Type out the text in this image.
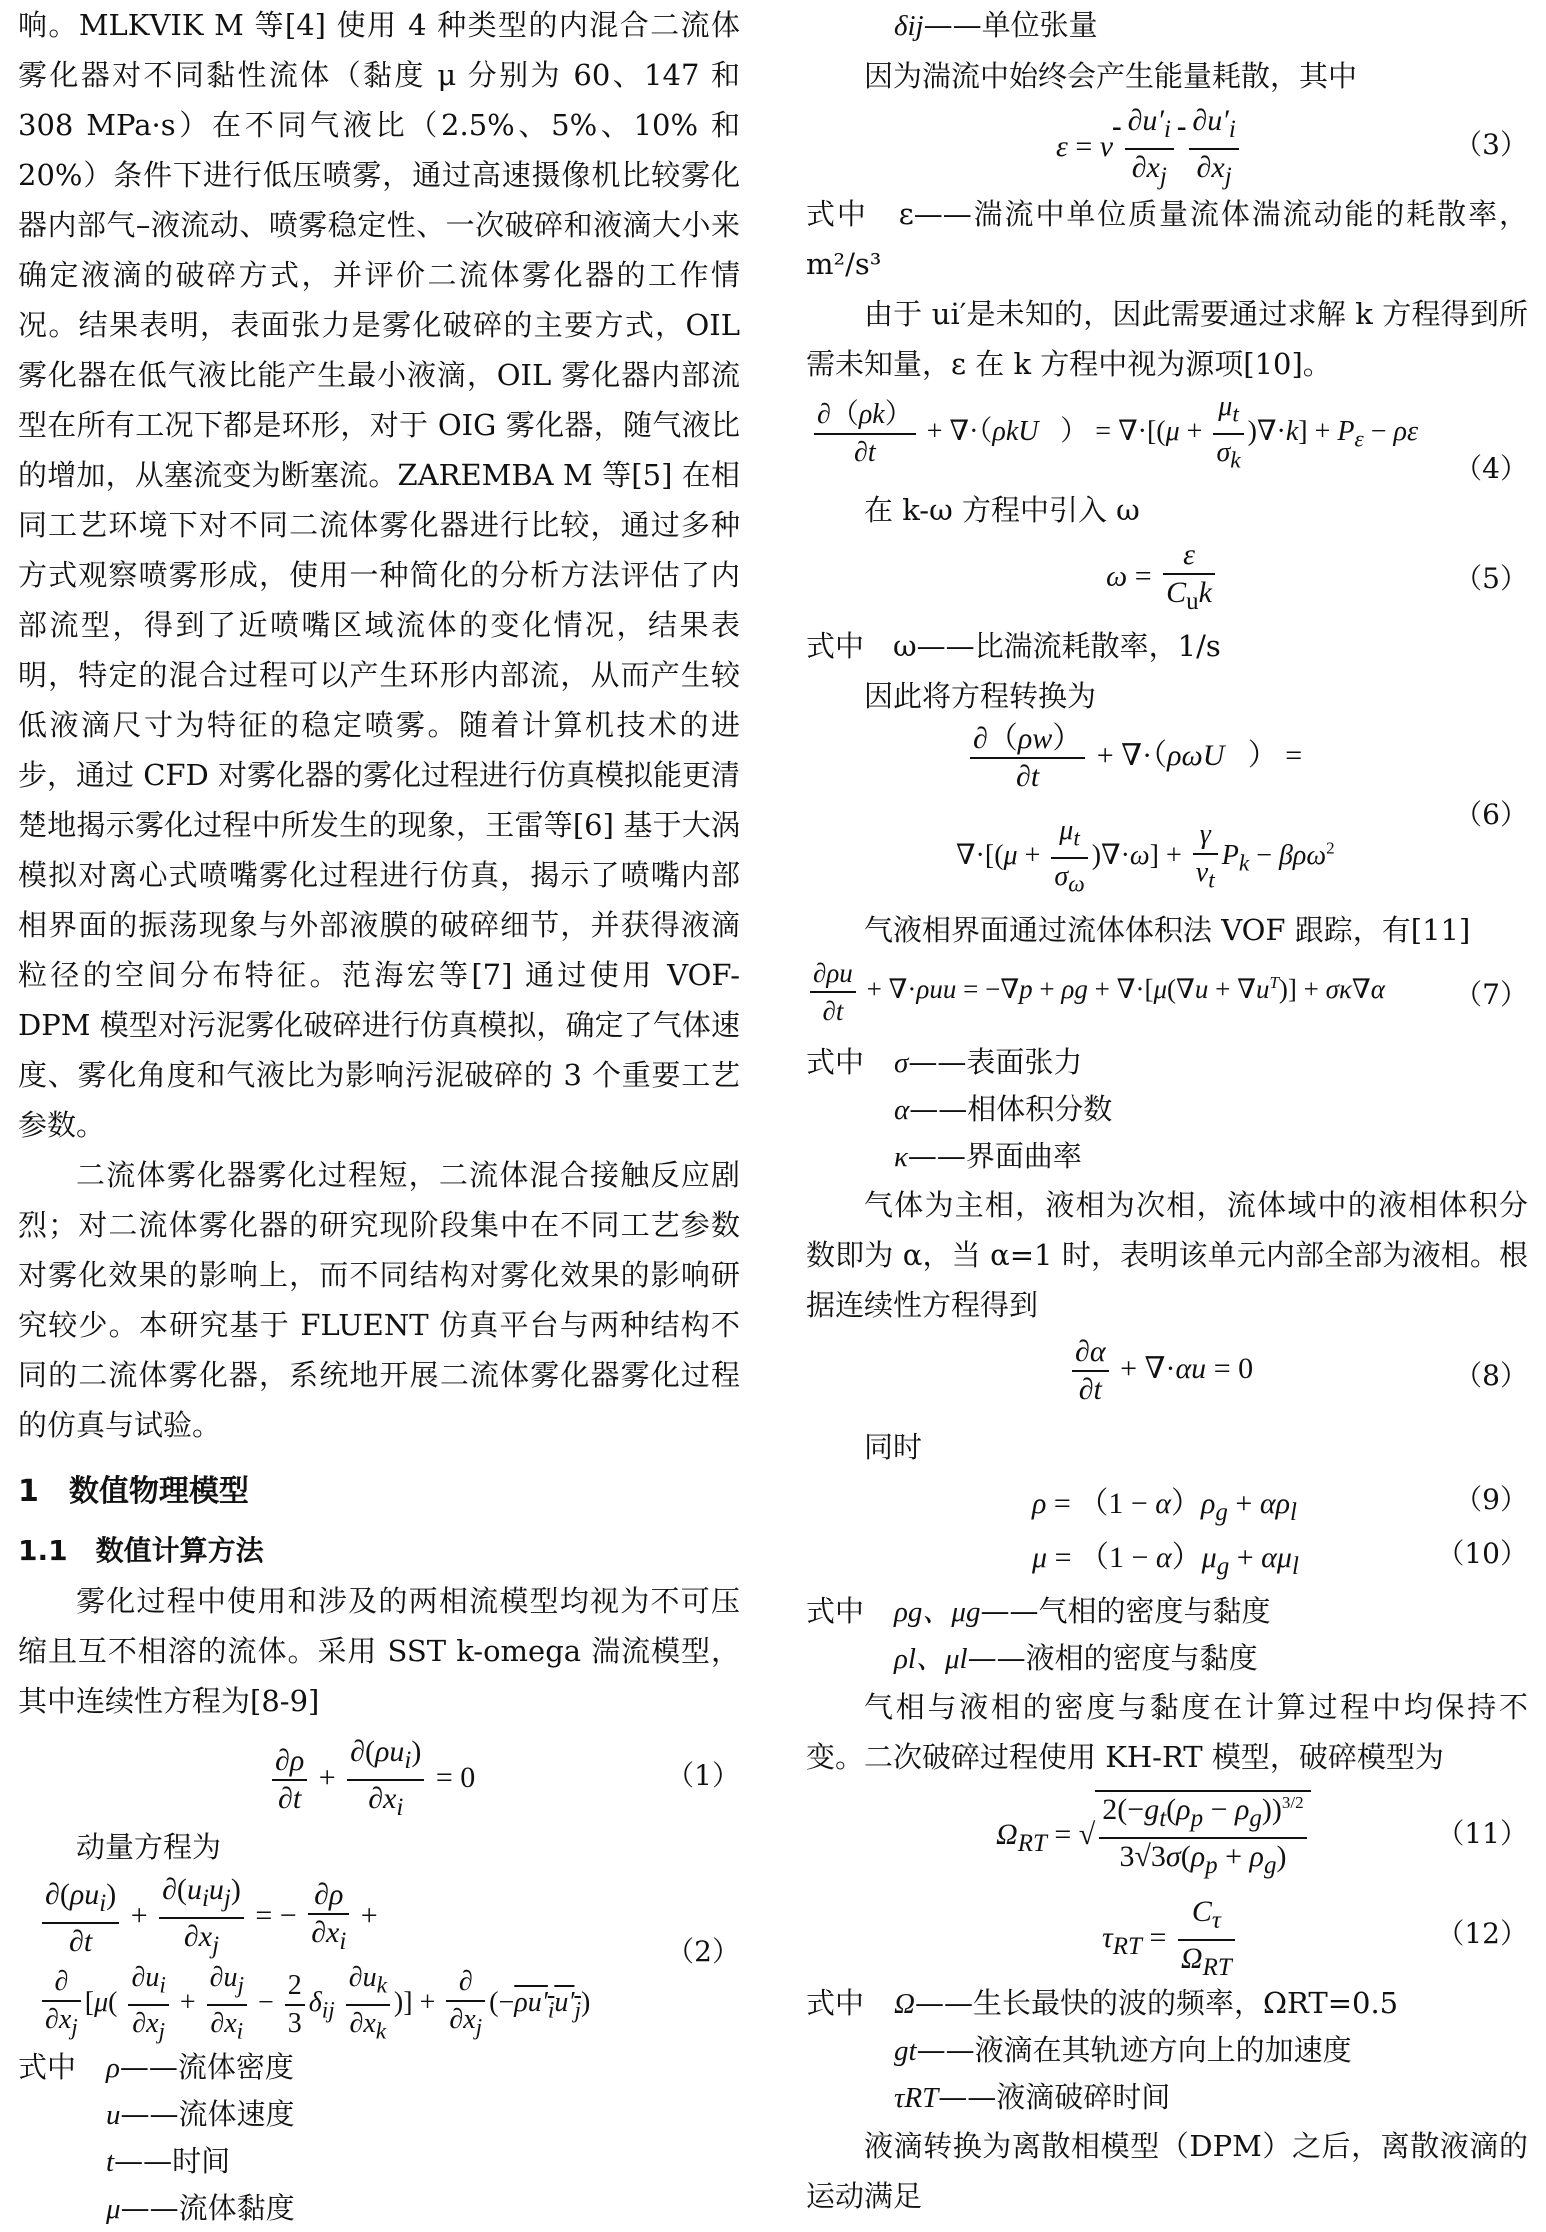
响。MLKVIK M 等[4] 使用 4 种类型的内混合二流体雾化器对不同黏性流体（黏度 μ 分别为 60、147 和 308 MPa·s）在不同气液比（2.5%、5%、10% 和 20%）条件下进行低压喷雾，通过高速摄像机比较雾化器内部气–液流动、喷雾稳定性、一次破碎和液滴大小来确定液滴的破碎方式，并评价二流体雾化器的工作情况。结果表明，表面张力是雾化破碎的主要方式，OIL 雾化器在低气液比能产生最小液滴，OIL 雾化器内部流型在所有工况下都是环形，对于 OIG 雾化器，随气液比的增加，从塞流变为断塞流。ZAREMBA M 等[5] 在相同工艺环境下对不同二流体雾化器进行比较，通过多种方式观察喷雾形成，使用一种简化的分析方法评估了内部流型，得到了近喷嘴区域流体的变化情况，结果表明，特定的混合过程可以产生环形内部流，从而产生较低液滴尺寸为特征的稳定喷雾。随着计算机技术的进步，通过 CFD 对雾化器的雾化过程进行仿真模拟能更清楚地揭示雾化过程中所发生的现象，王雷等[6] 基于大涡模拟对离心式喷嘴雾化过程进行仿真，揭示了喷嘴内部相界面的振荡现象与外部液膜的破碎细节，并获得液滴粒径的空间分布特征。范海宏等[7] 通过使用 VOF-DPM 模型对污泥雾化破碎进行仿真模拟，确定了气体速度、雾化角度和气液比为影响污泥破碎的 3 个重要工艺参数。

二流体雾化器雾化过程短，二流体混合接触反应剧烈；对二流体雾化器的研究现阶段集中在不同工艺参数对雾化效果的影响上，而不同结构对雾化效果的影响研究较少。本研究基于 FLUENT 仿真平台与两种结构不同的二流体雾化器，系统地开展二流体雾化器雾化过程的仿真与试验。

1　数值物理模型
1.1　数值计算方法

雾化过程中使用和涉及的两相流模型均视为不可压缩且互不相溶的流体。采用 SST k-omega 湍流模型，其中连续性方程为[8-9]

$\frac{\partial\rho}{\partial t} + \frac{\partial(\rho u_i)}{\partial x_i} = 0$	（1）

动量方程为

$\frac{\partial(\rho u_i)}{\partial t} + \frac{\partial(u_iu_j)}{\partial x_j}$ = − $\frac{\partial\rho}{\partial x_i}$ +
$\frac{\partial}{\partial x_j} [\mu( \frac{\partial u_i}{\partial x_j} + \frac{\partial u_j}{\partial x_i} - \frac{2}{3} \delta_{ij} \frac{\partial u_k}{\partial x_k}$ )] + $\frac{\partial}{\partial x_j} (-\rho u'_iu'_j)$
（2）
式中 ρ——流体密度
u——流体速度
t——时间
μ——流体黏度
δij——单位张量

因为湍流中始终会产生能量耗散，其中

ε = v $\frac{\partial u'_i}{\partial x_j}$
$\frac{\partial u'_i}{\partial x_j}$	（3）

式中　ε——湍流中单位质量流体湍流动能的耗散率，m²/s³

由于 ui′是未知的，因此需要通过求解 k 方程得到所需未知量，ε 在 k 方程中视为源项[10]。

$\frac{\partial(\rho k)}{\partial t}$ + ∇·（ρkU⃗） = $\nabla\cdot[(\mu + \frac{\mu_t}{\sigma_k} )\nabla\cdot k] + P_\varepsilon - \rho\varepsilon$
（4）

在 k-ω 方程中引入 ω

$\omega = \frac{\varepsilon}{C_uk}$	（5）

式中　ω——比湍流耗散率，1/s

因此将方程转换为

$\frac{\partial(\rho w)}{\partial t}$ + ∇·（ρωU⃗） =
$\nabla\cdot[(\mu + \frac{\mu_t}{\sigma_\omega} )\nabla\cdot\omega] + \frac{\gamma}{v_t} P_k - \beta\rho\omega^2$
（6）

气液相界面通过流体体积法 VOF 跟踪，有[11]

$\frac{\partial\rho u}{\partial t} + \nabla\cdot\rho uu = -\nabla p + \rho g + \nabla\cdot[\mu(\nabla u + \nabla u^T)] + \sigma\kappa\nabla\alpha$ （7）
式中 σ——表面张力
α——相体积分数
κ——界面曲率

气体为主相，液相为次相，流体域中的液相体积分数即为 α，当 α=1 时，表明该单元内部全部为液相。根据连续性方程得到

$\frac{\partial\alpha}{\partial t} + \nabla\cdot\alpha u = 0$	（8）

同时

$\rho = (1 - \alpha)\rho_g + \alpha\rho_l$	（9）
$\mu = (1 - \alpha)\mu_g + \alpha\mu_l$	（10）
式中 ρg、μg——气相的密度与黏度
ρl、μl——液相的密度与黏度

气相与液相的密度与黏度在计算过程中均保持不变。二次破碎过程使用 KH-RT 模型，破碎模型为

$\Omega_{RT}$ = √ $\frac{2(-g_t(\rho_p - \rho_g))^{3/2}}{3√3\sigma(\rho_p + \rho_g)}$	（11）
$\tau_{RT} = \frac{C_\tau}{\Omega_{RT}}$	（12）
式中 Ω——生长最快的波的频率，ΩRT=0.5
gt——液滴在其轨迹方向上的加速度
τRT——液滴破碎时间

液滴转换为离散相模型（DPM）之后，离散液滴的运动满足
